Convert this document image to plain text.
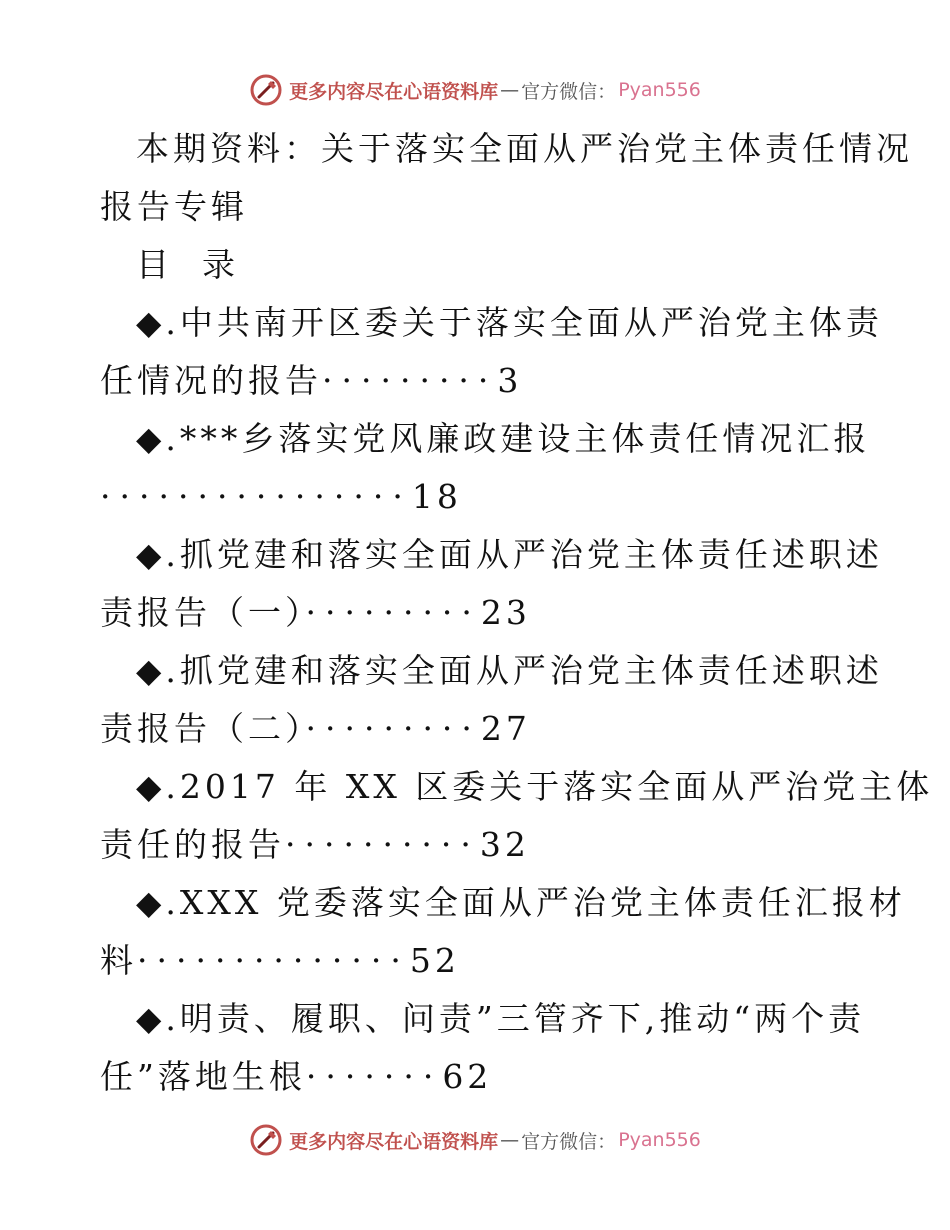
更多内容尽在心语资料库 — 官方微信： Pyan556
本期资料：关于落实全面从严治党主体责任情况
报告专辑
目  录
◆.中共南开区委关于落实全面从严治党主体责
任情况的报告·········3
◆.***乡落实党风廉政建设主体责任情况汇报
················18
◆.抓党建和落实全面从严治党主体责任述职述
责报告（一）·········23
◆.抓党建和落实全面从严治党主体责任述职述
责报告（二）·········27
◆.2017 年 XX 区委关于落实全面从严治党主体
责任的报告··········32
◆.XXX 党委落实全面从严治党主体责任汇报材
料··············52
◆.明责、履职、问责”三管齐下,推动“两个责
任”落地生根·······62
更多内容尽在心语资料库 — 官方微信： Pyan556
